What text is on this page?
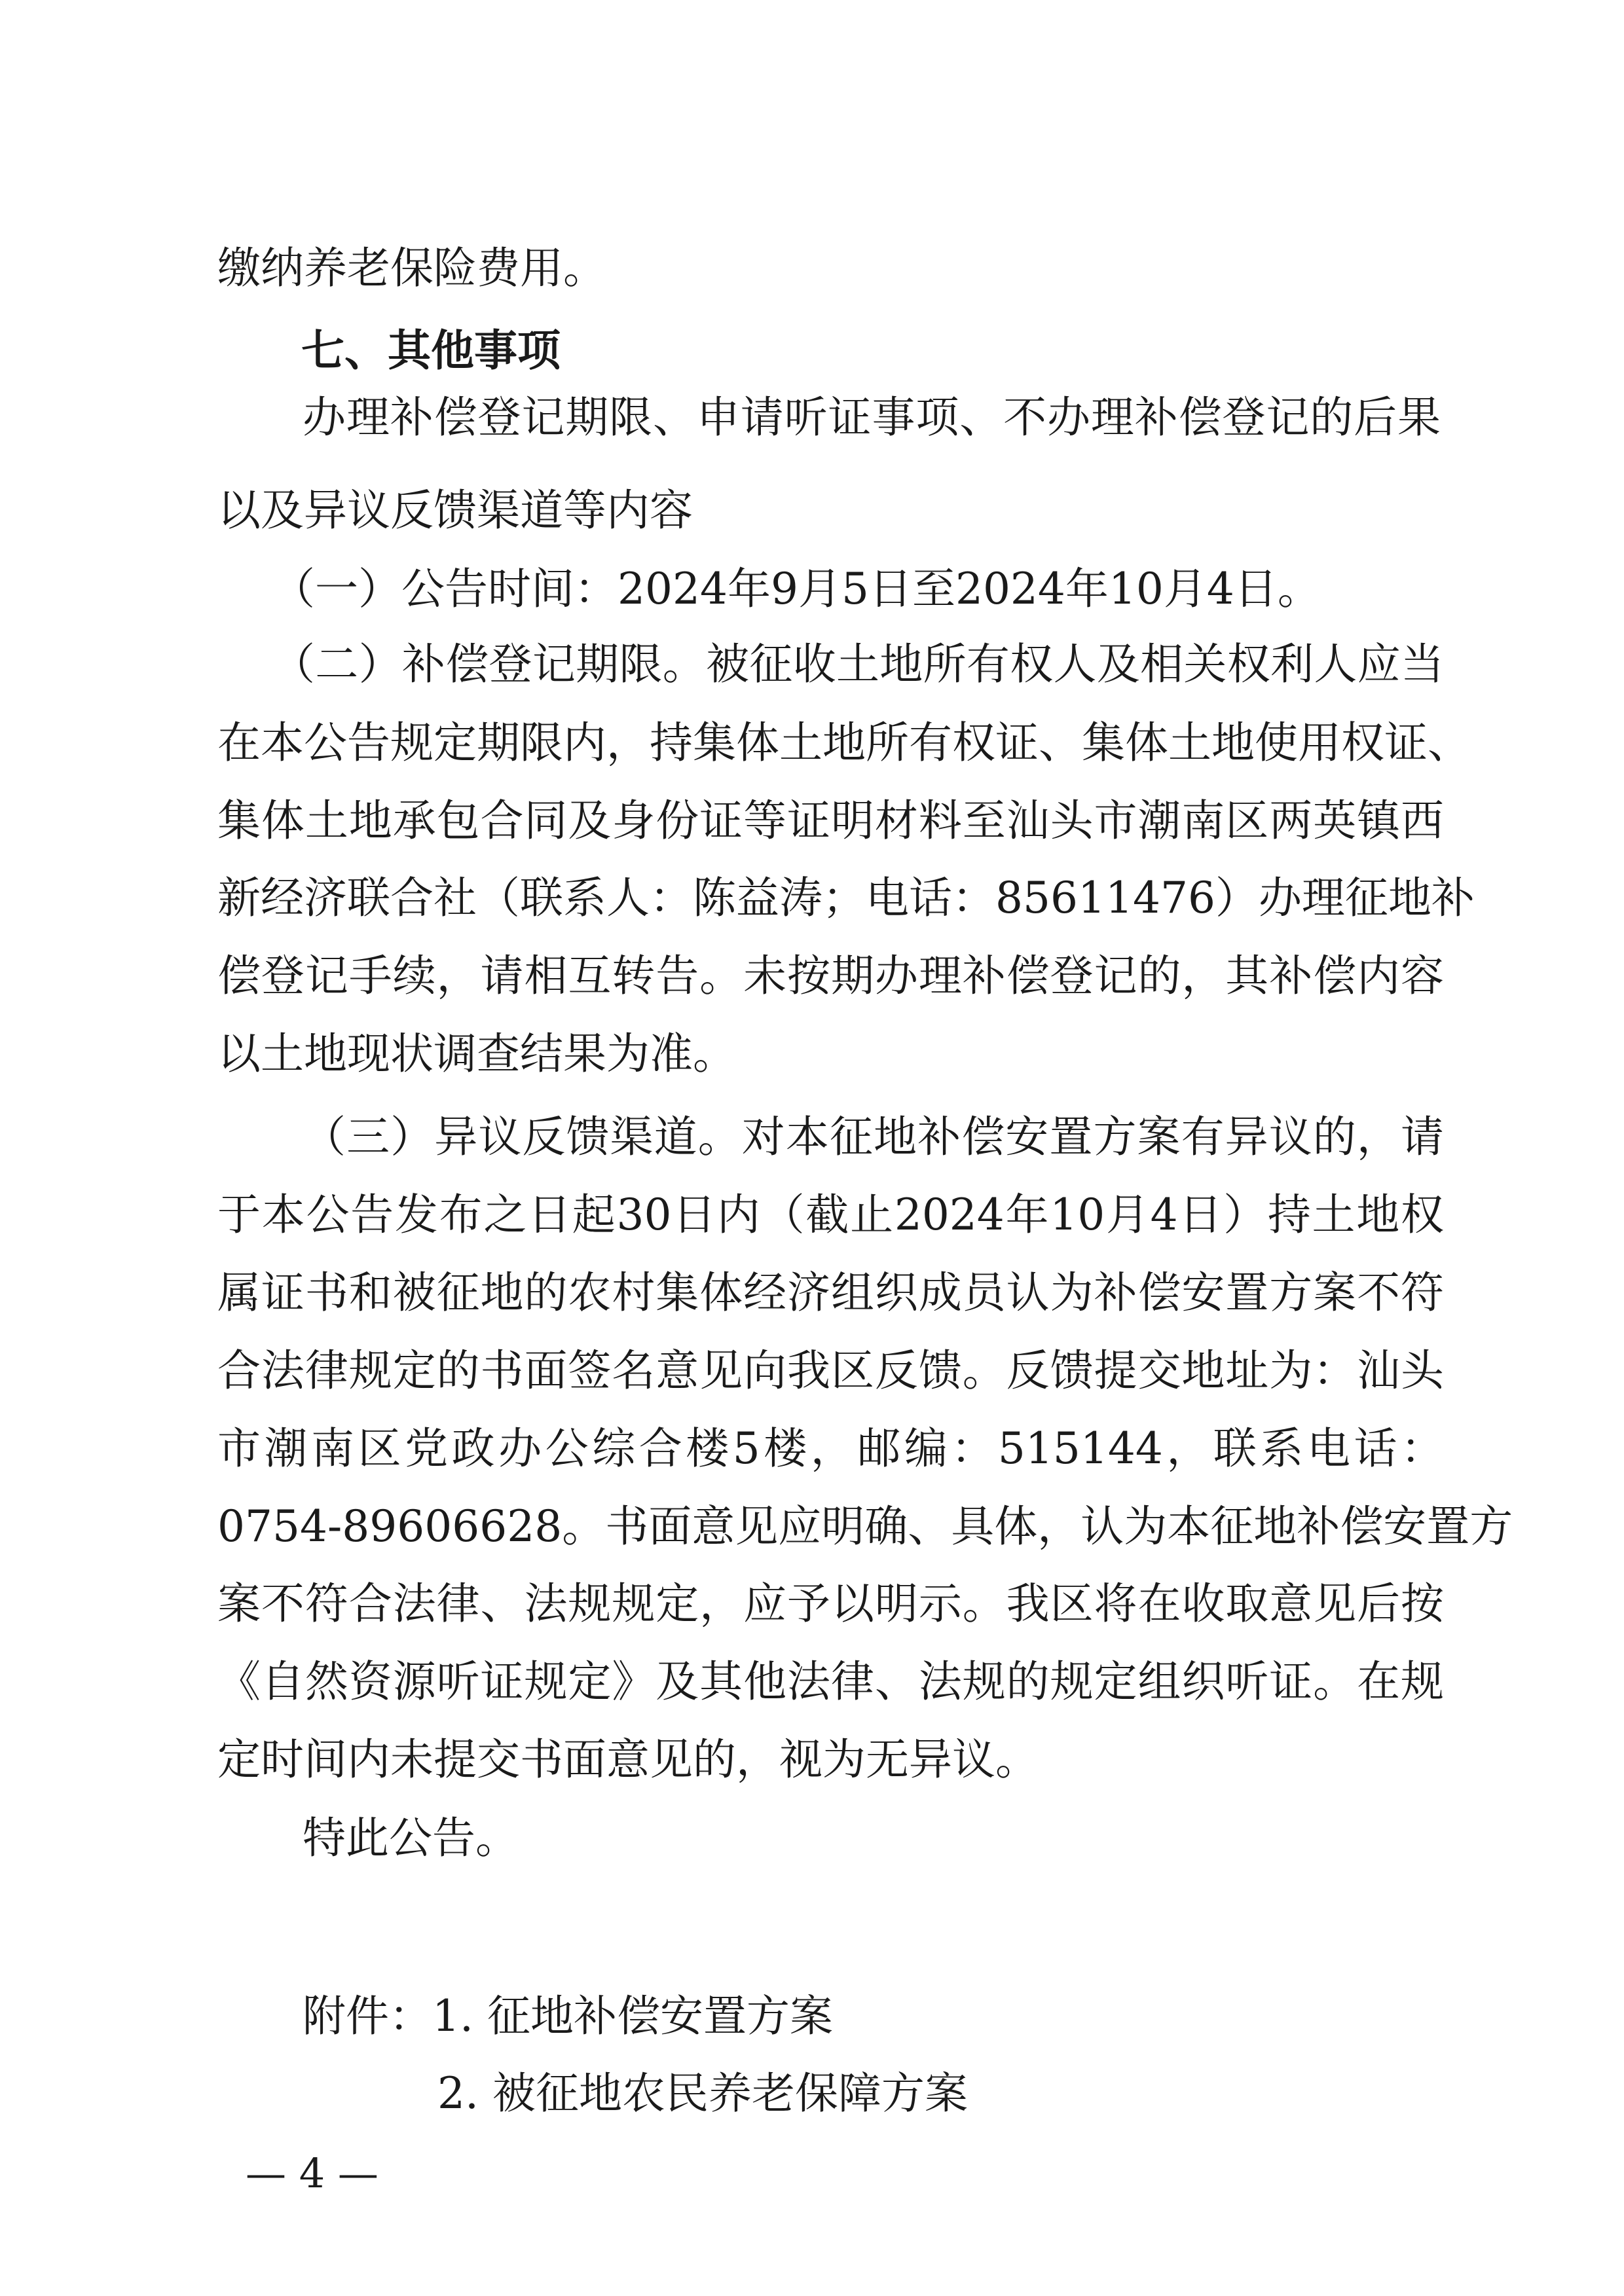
缴纳养老保险费用。
七、其他事项
办理补偿登记期限、申请听证事项、不办理补偿登记的后果
以及异议反馈渠道等内容
（一）公告时间：2024年9月5日至2024年10月4日。
（二）补偿登记期限。被征收土地所有权人及相关权利人应当
在本公告规定期限内，持集体土地所有权证、集体土地使用权证、
集体土地承包合同及身份证等证明材料至汕头市潮南区两英镇西
新经济联合社（联系人：陈益涛；电话：85611476）办理征地补
偿登记手续，请相互转告。未按期办理补偿登记的，其补偿内容
以土地现状调查结果为准。
（三）异议反馈渠道。对本征地补偿安置方案有异议的，请
于本公告发布之日起30日内（截止2024年10月4日）持土地权
属证书和被征地的农村集体经济组织成员认为补偿安置方案不符
合法律规定的书面签名意见向我区反馈。反馈提交地址为：汕头
市潮南区党政办公综合楼5楼，邮编：515144，联系电话：
0754-89606628。书面意见应明确、具体，认为本征地补偿安置方
案不符合法律、法规规定，应予以明示。我区将在收取意见后按
《自然资源听证规定》及其他法律、法规的规定组织听证。在规
定时间内未提交书面意见的，视为无异议。
特此公告。
附件：1. 征地补偿安置方案
2. 被征地农民养老保障方案
— 4 —
